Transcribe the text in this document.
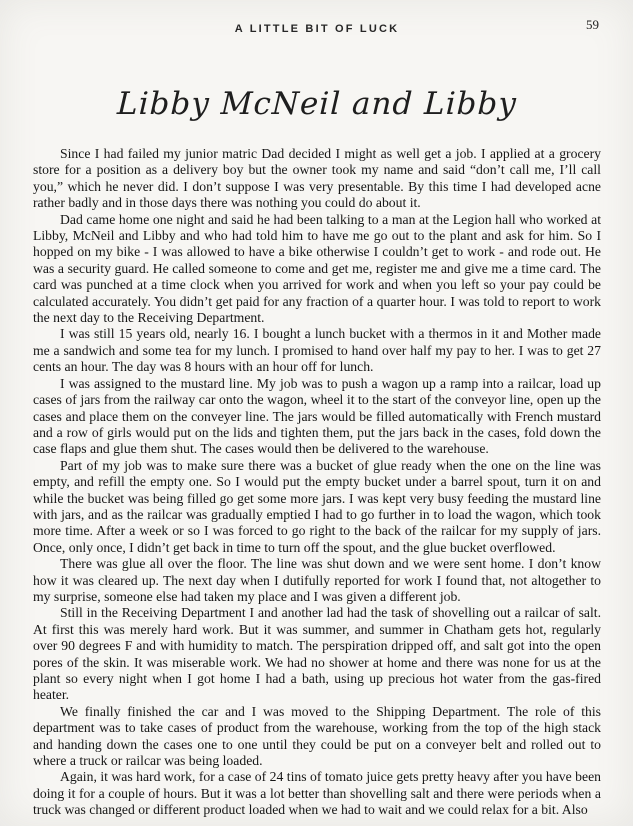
A LITTLE BIT OF LUCK	59
Libby McNeil and Libby

Since I had failed my junior matric Dad decided I might as well get a job. I applied at a grocery store for a position as a delivery boy but the owner took my name and said “don’t call me, I’ll call you,” which he never did. I don’t suppose I was very presentable. By this time I had developed acne rather badly and in those days there was nothing you could do about it.

Dad came home one night and said he had been talking to a man at the Legion hall who worked at Libby, McNeil and Libby and who had told him to have me go out to the plant and ask for him. So I hopped on my bike - I was allowed to have a bike otherwise I couldn’t get to work - and rode out. He was a security guard. He called someone to come and get me, register me and give me a time card. The card was punched at a time clock when you arrived for work and when you left so your pay could be calculated accurately. You didn’t get paid for any fraction of a quarter hour. I was told to report to work the next day to the Receiving Department.

I was still 15 years old, nearly 16. I bought a lunch bucket with a thermos in it and Mother made me a sandwich and some tea for my lunch. I promised to hand over half my pay to her. I was to get 27 cents an hour. The day was 8 hours with an hour off for lunch.

I was assigned to the mustard line. My job was to push a wagon up a ramp into a railcar, load up cases of jars from the railway car onto the wagon, wheel it to the start of the conveyor line, open up the cases and place them on the conveyer line. The jars would be filled automatically with French mustard and a row of girls would put on the lids and tighten them, put the jars back in the cases, fold down the case flaps and glue them shut. The cases would then be delivered to the warehouse.

Part of my job was to make sure there was a bucket of glue ready when the one on the line was empty, and refill the empty one. So I would put the empty bucket under a barrel spout, turn it on and while the bucket was being filled go get some more jars. I was kept very busy feeding the mustard line with jars, and as the railcar was gradually emptied I had to go further in to load the wagon, which took more time. After a week or so I was forced to go right to the back of the railcar for my supply of jars. Once, only once, I didn’t get back in time to turn off the spout, and the glue bucket overflowed.

There was glue all over the floor. The line was shut down and we were sent home. I don’t know how it was cleared up. The next day when I dutifully reported for work I found that, not altogether to my surprise, someone else had taken my place and I was given a different job.

Still in the Receiving Department I and another lad had the task of shovelling out a railcar of salt. At first this was merely hard work. But it was summer, and summer in Chatham gets hot, regularly over 90 degrees F and with humidity to match. The perspiration dripped off, and salt got into the open pores of the skin. It was miserable work. We had no shower at home and there was none for us at the plant so every night when I got home I had a bath, using up precious hot water from the gas-fired heater.

We finally finished the car and I was moved to the Shipping Department. The role of this department was to take cases of product from the warehouse, working from the top of the high stack and handing down the cases one to one until they could be put on a conveyer belt and rolled out to where a truck or railcar was being loaded.

Again, it was hard work, for a case of 24 tins of tomato juice gets pretty heavy after you have been doing it for a couple of hours. But it was a lot better than shovelling salt and there were periods when a truck was changed or different product loaded when we had to wait and we could relax for a bit. Also
